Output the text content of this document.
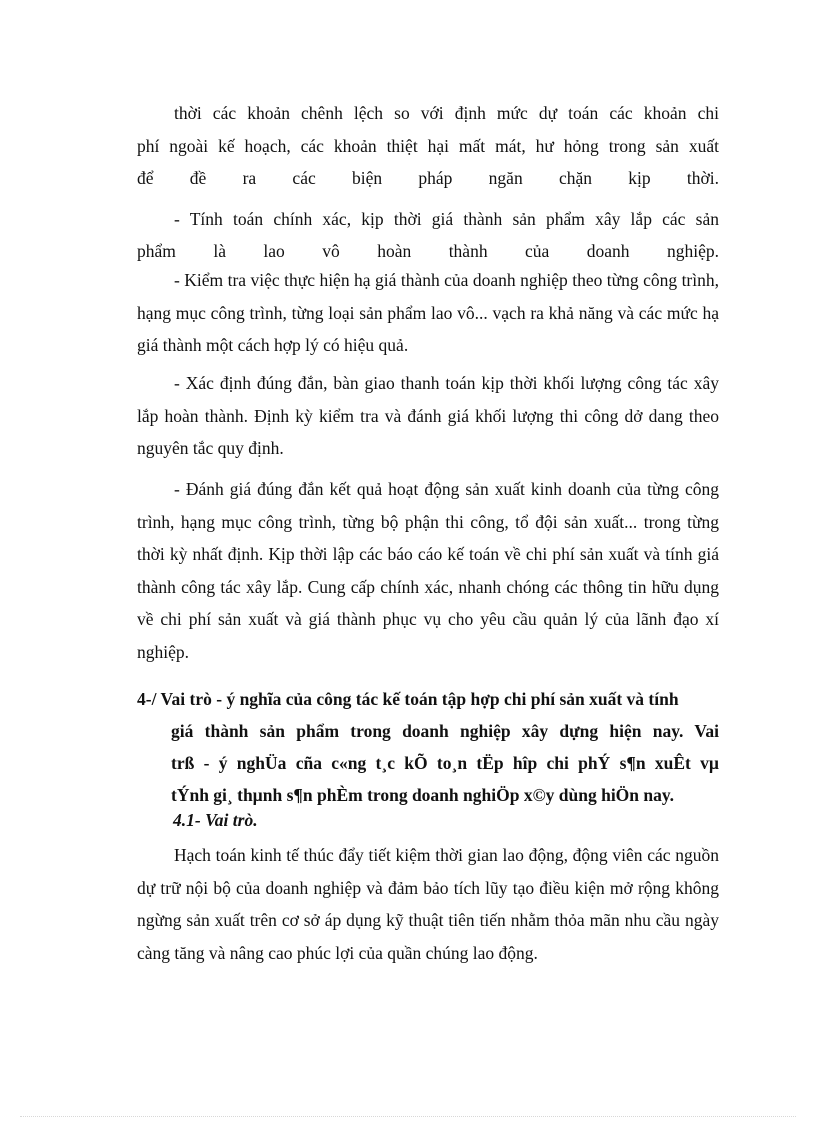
thời các khoản chênh lệch so với định mức dự toán các khoản chi

phí ngoài kế hoạch, các khoản thiệt hại mất mát, hư hỏng trong sản xuất

để đề ra các biện pháp ngăn chặn kịp thời.

- Tính toán chính xác, kịp thời giá thành sản phẩm xây lắp các sản

phẩm là lao vô hoàn thành của doanh nghiệp.

- Kiểm tra việc thực hiện hạ giá thành của doanh nghiệp theo từng công trình, hạng mục công trình, từng loại sản phẩm lao vô... vạch ra khả năng và các mức hạ giá thành một cách hợp lý có hiệu quả.

- Xác định đúng đắn, bàn giao thanh toán kịp thời khối lượng công tác xây lắp hoàn thành. Định kỳ kiểm tra và đánh giá khối lượng thi công dở dang theo nguyên tắc quy định.

- Đánh giá đúng đắn kết quả hoạt động sản xuất kinh doanh của từng công trình, hạng mục công trình, từng bộ phận thi công, tổ đội sản xuất... trong từng thời kỳ nhất định. Kịp thời lập các báo cáo kế toán về chi phí sản xuất và tính giá thành công tác xây lắp. Cung cấp chính xác, nhanh chóng các thông tin hữu dụng về chi phí sản xuất và giá thành phục vụ cho yêu cầu quản lý của lãnh đạo xí nghiệp.

4-/ Vai trò - ý nghĩa của công tác kế toán tập hợp chi phí sản xuất và tính
giá thành sản phẩm trong doanh nghiệp xây dựng hiện nay. Vai
trß - ý nghÜa cña c«ng t¸c kÕ to¸n tËp hîp chi phÝ s¶n xuÊt vµ
tÝnh gi¸ thµnh s¶n phÈm trong doanh nghiÖp x©y dùng hiÖn nay.

4.1- Vai trò.

Hạch toán kinh tế thúc đẩy tiết kiệm thời gian lao động, động viên các nguồn dự trữ nội bộ của doanh nghiệp và đảm bảo tích lũy tạo điều kiện mở rộng không ngừng sản xuất trên cơ sở áp dụng kỹ thuật tiên tiến nhằm thỏa mãn nhu cầu ngày càng tăng và nâng cao phúc lợi của quần chúng lao động.
